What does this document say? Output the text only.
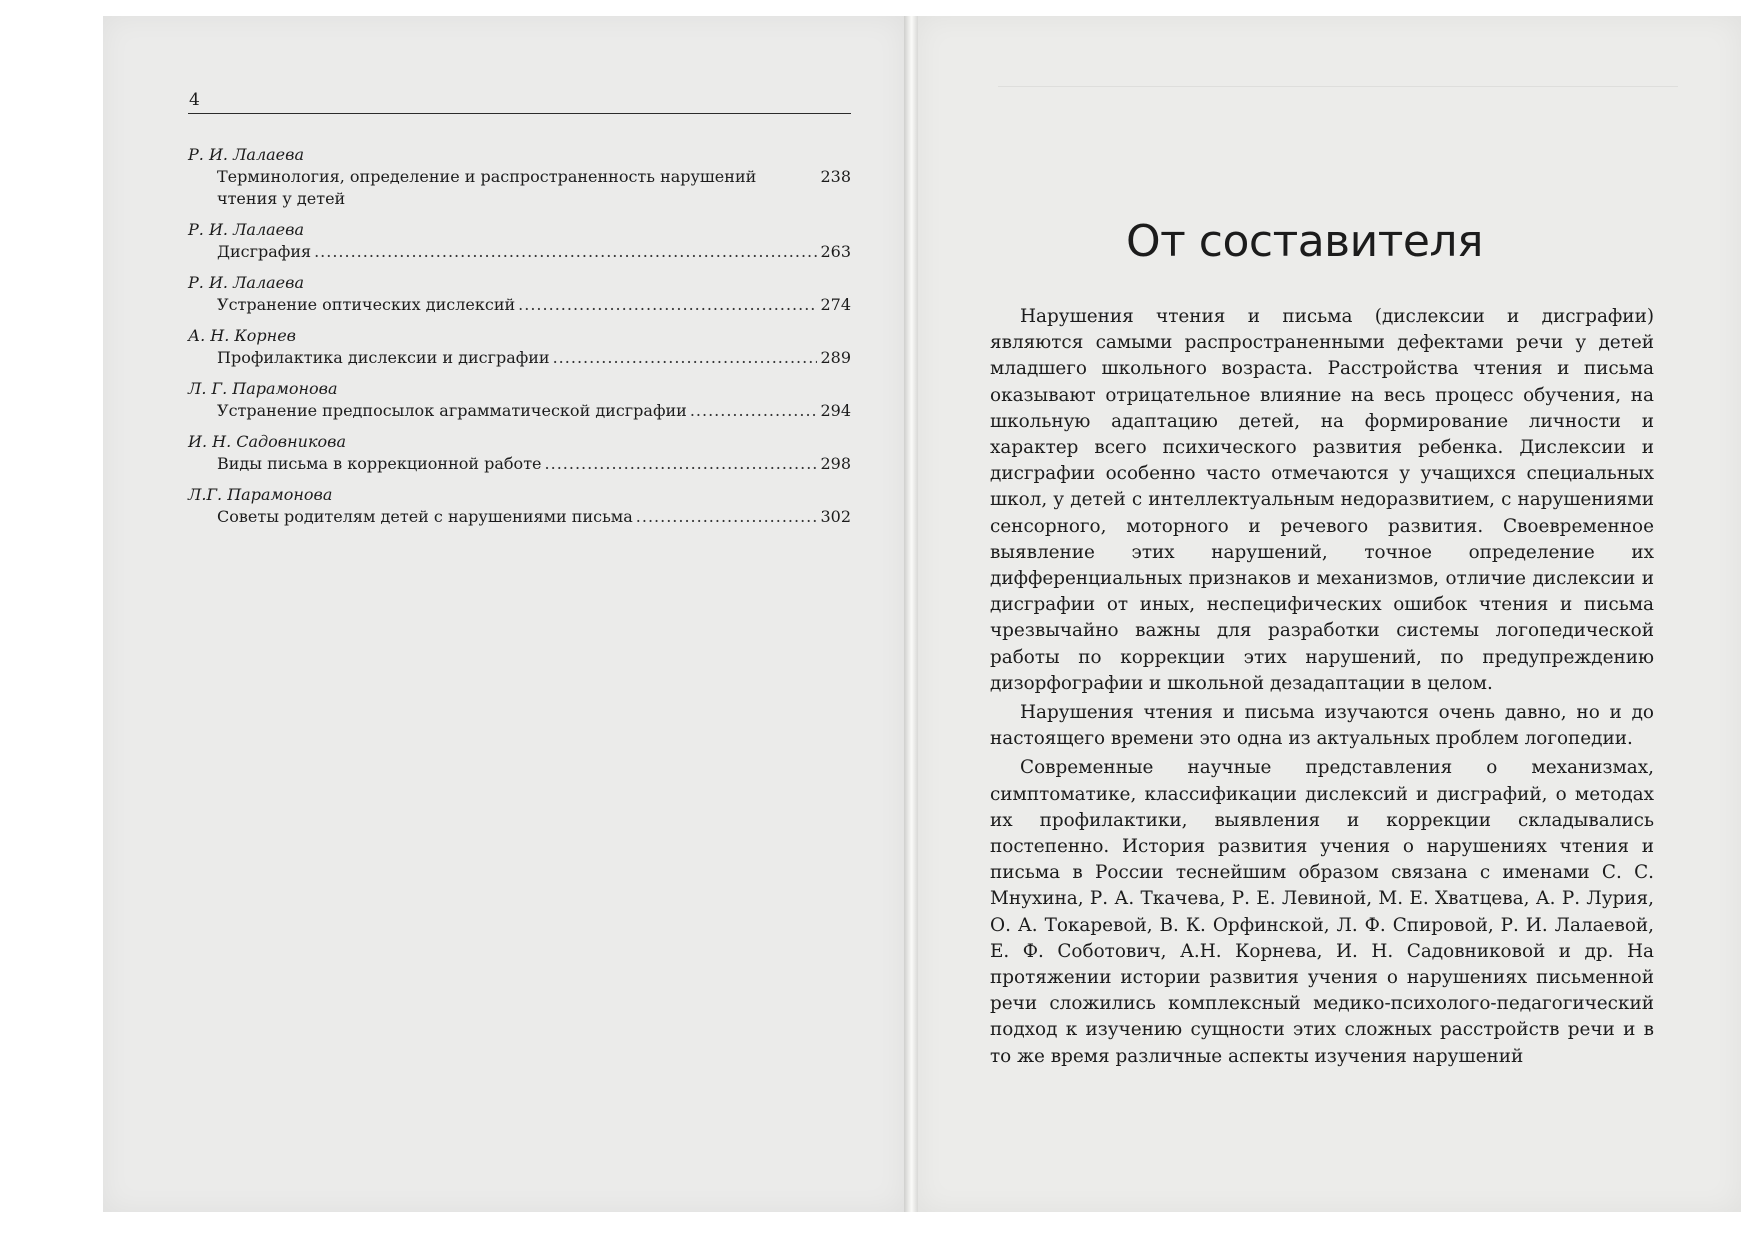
4
Р. И. Лалаева
Терминология, определение и распространенность нарушений чтения у детей
238
Р. И. Лалаева
Дисграфия .....	263
Р. И. Лалаева
Устранение оптических дислексий .....	274
А. Н. Корнев
Профилактика дислексии и дисграфии .....	289
Л. Г. Парамонова
Устранение предпосылок аграмматической дисграфии .....	294
И. Н. Садовникова
Виды письма в коррекционной работе .....	298
Л.Г. Парамонова
Советы родителям детей с нарушениями письма .....	302
От составителя

Нарушения чтения и письма (дислексии и дисграфии) являются самыми распространенными дефектами речи у детей младшего школьного возраста. Расстройства чтения и письма оказывают отрицательное влияние на весь процесс обучения, на школьную адаптацию детей, на формирование личности и характер всего психического развития ребенка. Дислексии и дисграфии особенно часто отмечаются у учащихся специальных школ, у детей с интеллектуальным недоразвитием, с нарушениями сенсорного, моторного и речевого развития. Своевременное выявление этих нарушений, точное определение их дифференциальных признаков и механизмов, отличие дислексии и дисграфии от иных, неспецифических ошибок чтения и письма чрезвычайно важны для разработки системы логопедической работы по коррекции этих нарушений, по предупреждению дизорфографии и школьной дезадаптации в целом.

Нарушения чтения и письма изучаются очень давно, но и до настоящего времени это одна из актуальных проблем логопедии.

Современные научные представления о механизмах, симптоматике, классификации дислексий и дисграфий, о методах их профилактики, выявления и коррекции складывались постепенно. История развития учения о нарушениях чтения и письма в России теснейшим образом связана с именами С. С. Мнухина, Р. А. Ткачева, Р. Е. Левиной, М. Е. Хватцева, А. Р. Лурия, О. А. Токаревой, В. К. Орфинской, Л. Ф. Спировой, Р. И. Лалаевой, Е. Ф. Соботович, А.Н. Корнева, И. Н. Садовниковой и др. На протяжении истории развития учения о нарушениях письменной речи сложились комплексный медико-психолого-педагогический подход к изучению сущности этих сложных расстройств речи и в то же время различные аспекты изучения нарушений
